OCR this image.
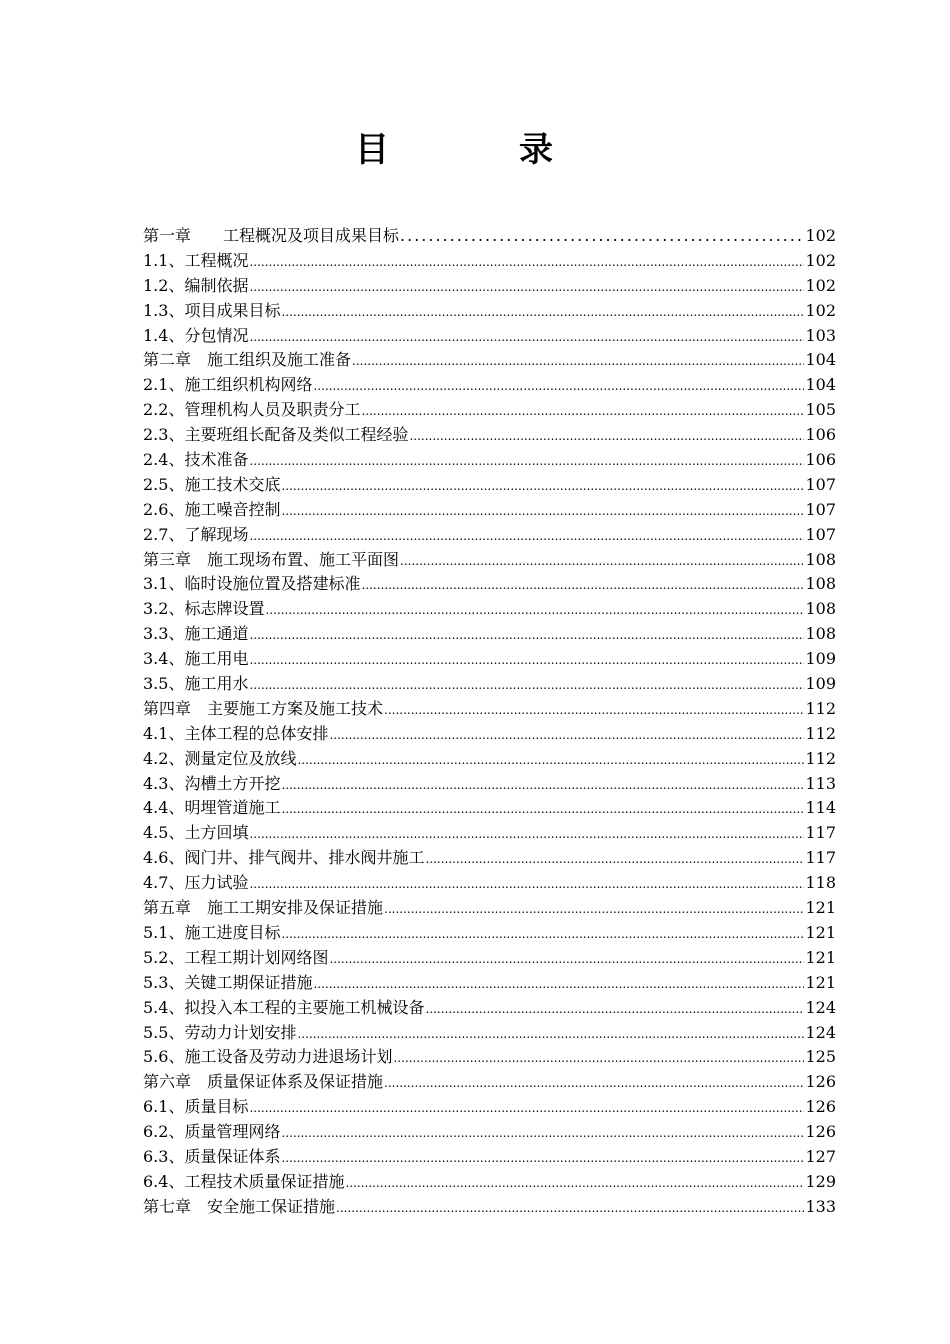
目　录
第一章　　工程概况及项目成果目标 .....	102
1.1、工程概况 .....	102
1.2、编制依据 .....	102
1.3、项目成果目标 .....	102
1.4、分包情况 .....	103
第二章　施工组织及施工准备 .....	104
2.1、施工组织机构网络 .....	104
2.2、管理机构人员及职责分工 .....	105
2.3、主要班组长配备及类似工程经验 .....	106
2.4、技术准备 .....	106
2.5、施工技术交底 .....	107
2.6、施工噪音控制 .....	107
2.7、了解现场 .....	107
第三章　施工现场布置、施工平面图 .....	108
3.1、临时设施位置及搭建标准 .....	108
3.2、标志牌设置 .....	108
3.3、施工通道 .....	108
3.4、施工用电 .....	109
3.5、施工用水 .....	109
第四章　主要施工方案及施工技术 .....	112
4.1、主体工程的总体安排 .....	112
4.2、测量定位及放线 .....	112
4.3、沟槽土方开挖 .....	113
4.4、明埋管道施工 .....	114
4.5、土方回填 .....	117
4.6、阀门井、排气阀井、排水阀井施工 .....	117
4.7、压力试验 .....	118
第五章　施工工期安排及保证措施 .....	121
5.1、施工进度目标 .....	121
5.2、工程工期计划网络图 .....	121
5.3、关键工期保证措施 .....	121
5.4、拟投入本工程的主要施工机械设备 .....	124
5.5、劳动力计划安排 .....	124
5.6、施工设备及劳动力进退场计划 .....	125
第六章　质量保证体系及保证措施 .....	126
6.1、质量目标 .....	126
6.2、质量管理网络 .....	126
6.3、质量保证体系 .....	127
6.4、工程技术质量保证措施 .....	129
第七章　安全施工保证措施 .....	133
